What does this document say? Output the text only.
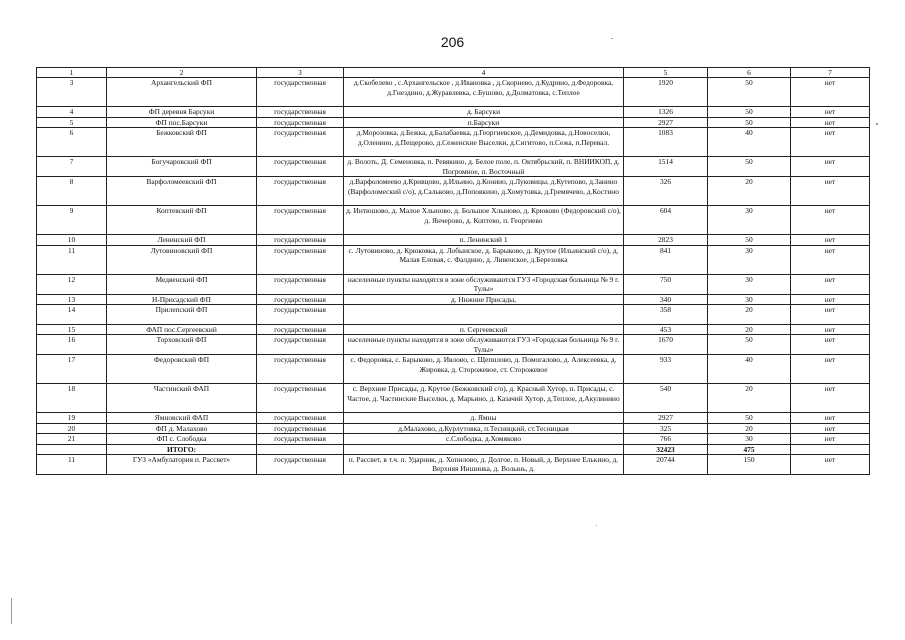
206
1	2	3	4	5	6	7
3	Архангельский ФП	государственная	д.Скобелево , с.Архангельское , д.Ивановка , д.Скорнево, д.Кудрино, д.Федоровка, д.Гнездино, д.Журавлевка, с.Бушово, д.Долматовка, с.Теплое	1920	50	нет
4	ФП деревня Барсуки	государственная	д. Барсуки	1326	50	нет
5	ФП пос.Барсуки	государственная	п.Барсуки	2927	50	нет
6	Бежковский ФП	государственная	д.Морозовка, д.Бежка, д.Балабаевка, д.Георгиевское, д.Демидовка, д.Новоселки, д.Оленино, д.Пещерово, д.Сеженские Выселки, д.Сигитово, п.Сежа, п.Перевал.	1083	40	нет
7	Богучаровский ФП	государственная	д. Волоть, Д. Семеновка, п. Ревякино, д. Белое поле, п. Октябрьский, п. ВНИИКОП, д. Погромное, п. Восточный	1514	50	нет
8	Варфоломеевский ФП	государственная	д.Варфоломеево д.Кривцово, д.Ильино, д.Конино, д.Луковицы, д.Кутепово, д.Занино (Варфоломеский с/о), д.Сальково, д.Поповкино, д.Хомутовка, д.Гремячево, д.Костино	326	20	нет
9	Коптевский ФП	государственная	д. Интюшово, д. Малое Хлыново, д. Большое Хлыново, д. Крюково (Федоровский с/о), д. Янчерово, д. Коптево, п. Георгиево	604	30	нет
10	Ленинский ФП	государственная	п. Ленинский 1	2823	50	нет
11	Лутовиновский ФП	государственная	с. Лутовиново, д. Крюковка, д. Лобынское, д. Барыково, д. Крутое (Ильинский с/о), д. Малая Еловая, с. Фалдино, д. Ливенское, д.Березовка	841	30	нет
12	Медвенский ФП	государственная	населенные пункты находятся в зоне обслуживаются ГУЗ «Городская больница № 9 г. Тулы»	750	30	нет
13	Н-Присадский ФП	государственная	д. Нижние Присады,	340	30	нет
14	Прилепский ФП	государственная		358	20	нет
15	ФАП пос.Сергеевский	государственная	п. Сергеевский	453	20	нет
16	Торховский ФП	государственная	населенные пункты находятся в зоне обслуживаются ГУЗ «Городская больница № 9 г. Тулы»	1670	50	нет
17	Федоровский ФП	государственная	с. Федоровка, с. Барыково, д. Ивлово, с. Щепилово, д. Помогалово, д. Алексеевка, д. Жировка, д. Сторожевое, ст. Сторожевое	933	40	нет
18	Частинский ФАП	государственная	с. Верхние Присады, д. Крутое (Бежковский с/о), д. Красный Хутор, п. Присады, с. Частое, д. Частинские Выселки, д. Марьино, д. Казачий Хутор, д.Теплое, д.Акулинино	540	20	нет
19	Ямновский ФАП	государственная	д. Ямны	2927	50	нет
20	ФП д. Малахово	государственная	д.Малахово, д.Курлутовка, п.Тесницкий, ст.Тесницкая	325	20	нет
21	ФП с. Слободка	государственная	с.Слободка, д.Хомяково	766	30	нет
	ИТОГО:			32423	475	
11	ГУЗ «Амбулатория п. Рассвет»	государственная	п. Рассвет, в т.ч. п. Ударник, д. Хопилово, д. Долгое, п. Новый, д. Верхнее Елькино, д. Верхняя Иншинка, д. Волынь, д.	20744	150	нет
